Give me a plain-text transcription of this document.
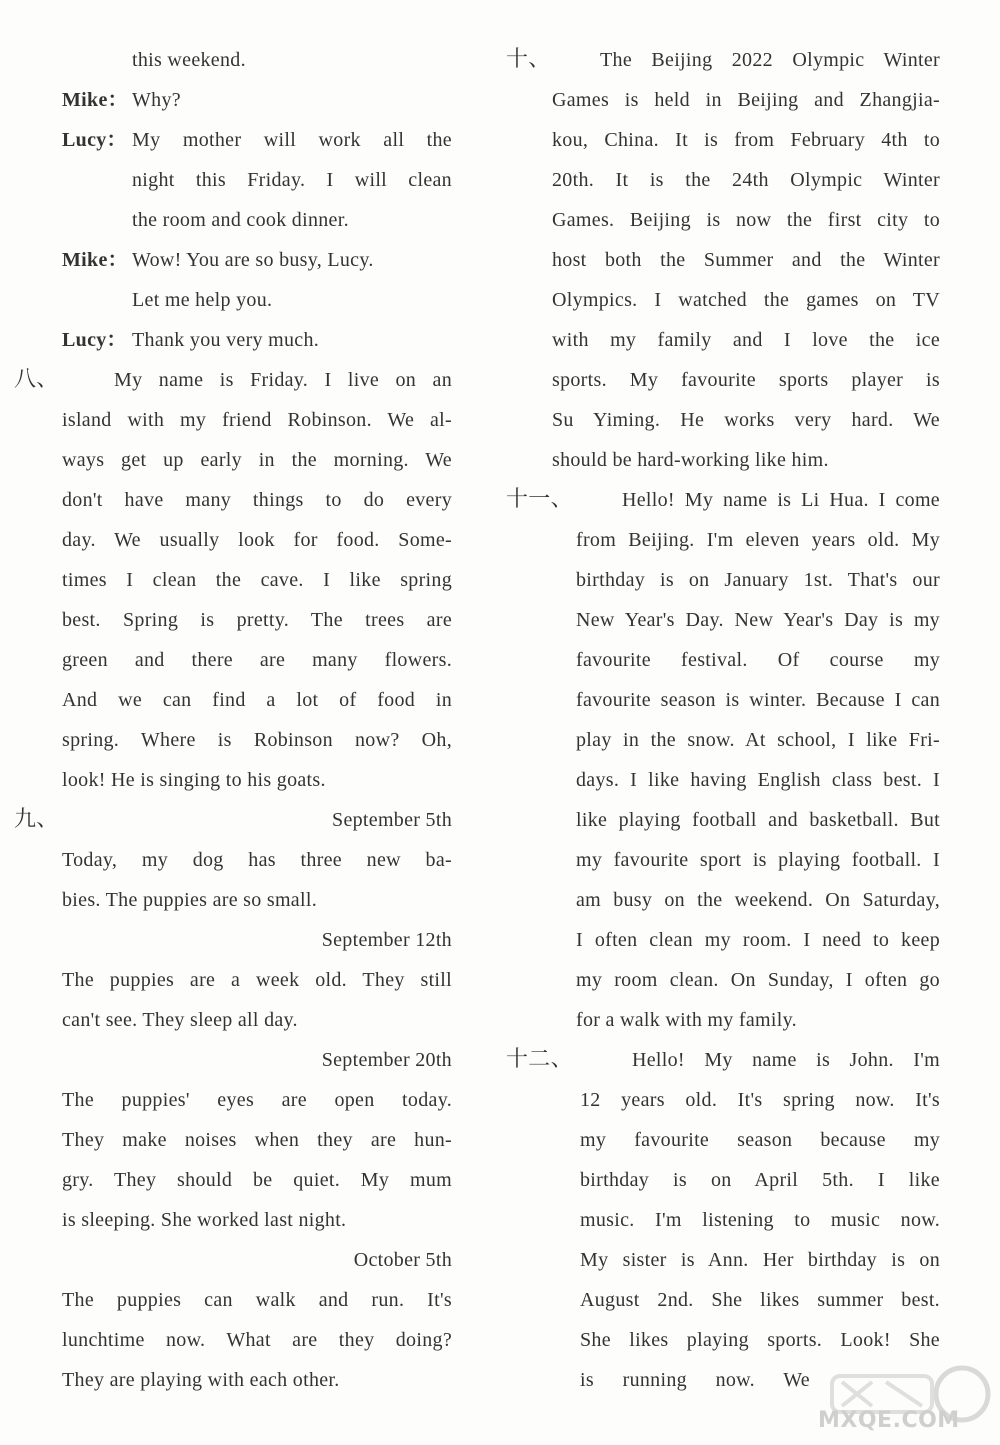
this weekend.
Mike： Why?
Lucy： My mother will work all the
night this Friday. I will clean
the room and cook dinner.
Mike： Wow! You are so busy, Lucy.
Let me help you.
Lucy： Thank you very much.
八、	My name is Friday. I live on an
island with my friend Robinson. We al-
ways get up early in the morning. We
don't have many things to do every
day. We usually look for food. Some-
times I clean the cave. I like spring
best. Spring is pretty. The trees are
green and there are many flowers.
And we can find a lot of food in
spring. Where is Robinson now? Oh,
look! He is singing to his goats.
九、	September 5th
Today, my dog has three new ba-
bies. The puppies are so small.
September 12th
The puppies are a week old. They still
can't see. They sleep all day.
September 20th
The puppies' eyes are open today.
They make noises when they are hun-
gry. They should be quiet. My mum
is sleeping. She worked last night.
October 5th
The puppies can walk and run. It's
lunchtime now. What are they doing?
They are playing with each other.
十、 The Beijing 2022 Olympic Winter
Games is held in Beijing and Zhangjia-
kou, China. It is from February 4th to
20th. It is the 24th Olympic Winter
Games. Beijing is now the first city to
host both the Summer and the Winter
Olympics. I watched the games on TV
with my family and I love the ice
sports. My favourite sports player is
Su Yiming. He works very hard. We
should be hard-working like him.
十一、 Hello! My name is Li Hua. I come
from Beijing. I'm eleven years old. My
birthday is on January 1st. That's our
New Year's Day. New Year's Day is my
favourite festival. Of course my
favourite season is winter. Because I can
play in the snow. At school, I like Fri-
days. I like having English class best. I
like playing football and basketball. But
my favourite sport is playing football. I
am busy on the weekend. On Saturday,
I often clean my room. I need to keep
my room clean. On Sunday, I often go
for a walk with my family.
十二、	Hello! My name is John. I'm
12 years old. It's spring now. It's
my favourite season because my
birthday is on April 5th. I like
music. I'm listening to music now.
My sister is Ann. Her birthday is on
August 2nd. She likes summer best.
She likes playing sports. Look! She
is running now. We
MXQE.COM
